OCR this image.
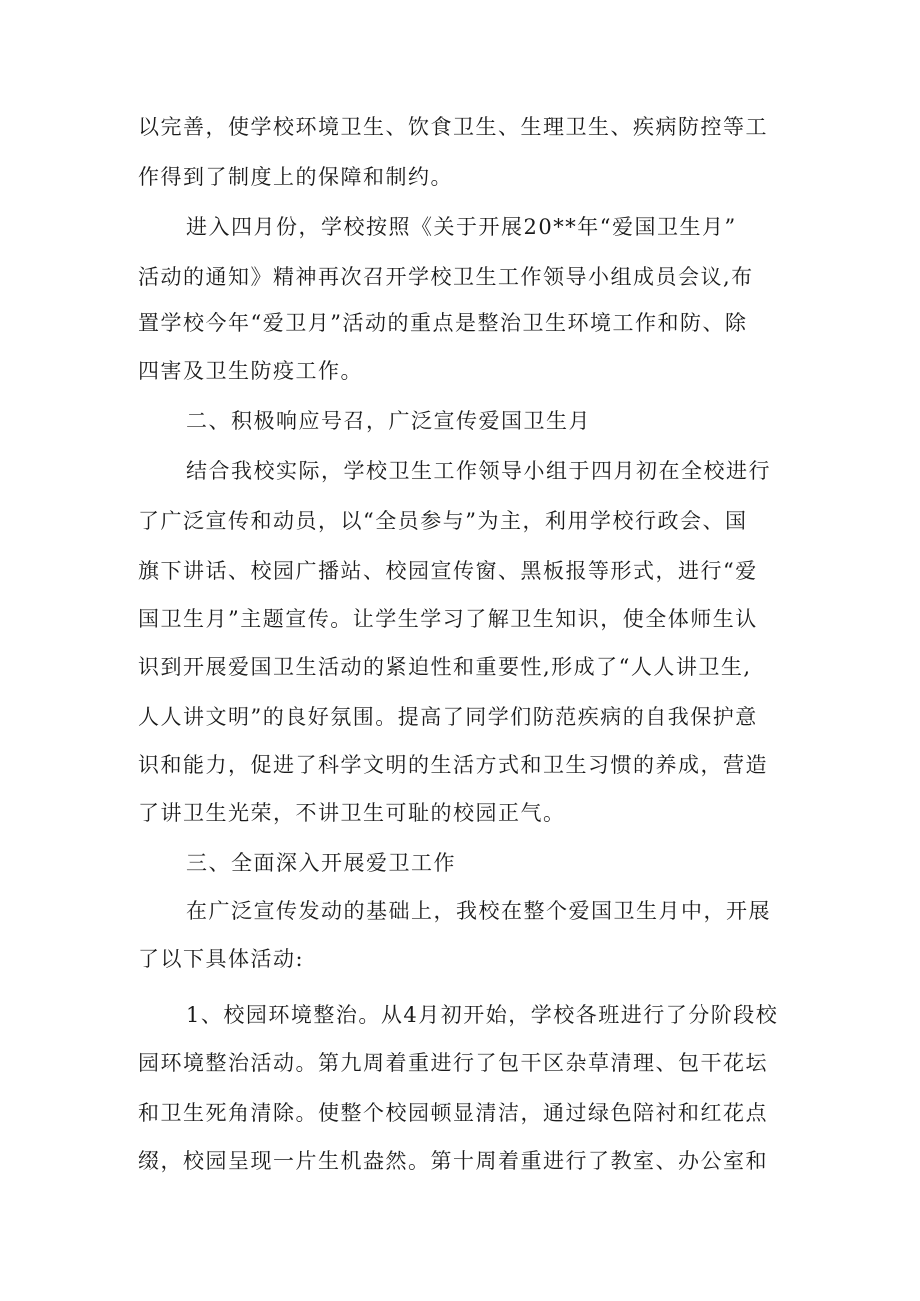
以完善，使学校环境卫生、饮食卫生、生理卫生、疾病防控等工
作得到了制度上的保障和制约。
进入四月份，学校按照《关于开展20**年“爱国卫生月”
活动的通知》精神再次召开学校卫生工作领导小组成员会议,布
置学校今年“爱卫月”活动的重点是整治卫生环境工作和防、除
四害及卫生防疫工作。
二、积极响应号召，广泛宣传爱国卫生月
结合我校实际，学校卫生工作领导小组于四月初在全校进行
了广泛宣传和动员，以“全员参与”为主，利用学校行政会、国
旗下讲话、校园广播站、校园宣传窗、黑板报等形式，进行“爱
国卫生月”主题宣传。让学生学习了解卫生知识，使全体师生认
识到开展爱国卫生活动的紧迫性和重要性,形成了“人人讲卫生,
人人讲文明”的良好氛围。提高了同学们防范疾病的自我保护意
识和能力，促进了科学文明的生活方式和卫生习惯的养成，营造
了讲卫生光荣，不讲卫生可耻的校园正气。
三、全面深入开展爱卫工作
在广泛宣传发动的基础上，我校在整个爱国卫生月中，开展
了以下具体活动:
1、校园环境整治。从4月初开始，学校各班进行了分阶段校
园环境整治活动。第九周着重进行了包干区杂草清理、包干花坛
和卫生死角清除。使整个校园顿显清洁，通过绿色陪衬和红花点
缀，校园呈现一片生机盎然。第十周着重进行了教室、办公室和
